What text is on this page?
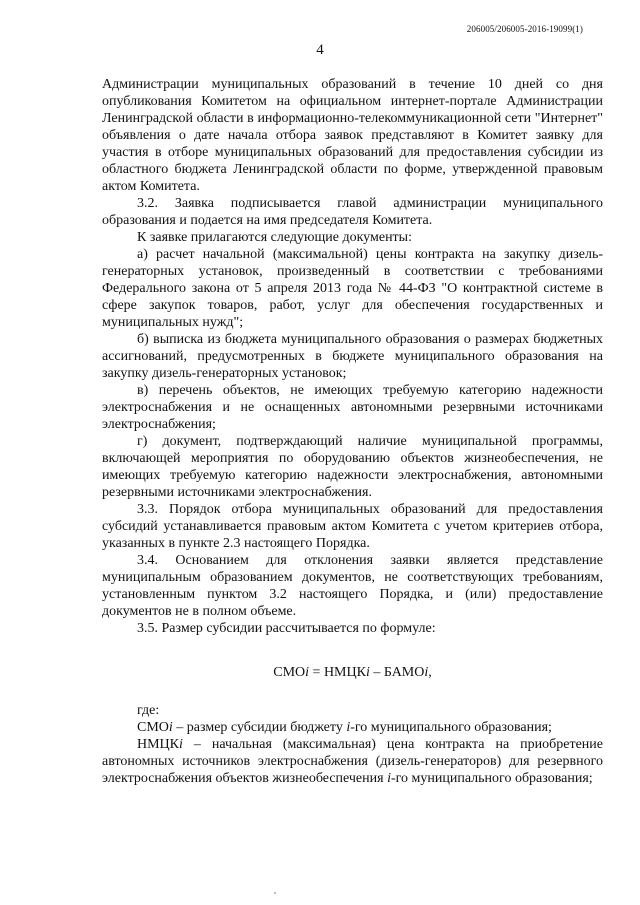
206005/206005-2016-19099(1)
4

Администрации муниципальных образований в течение 10 дней со дня опубликования Комитетом на официальном интернет-портале Администрации Ленинградской области в информационно-телекоммуникационной сети "Интернет" объявления о дате начала отбора заявок представляют в Комитет заявку для участия в отборе муниципальных образований для предоставления субсидии из областного бюджета Ленинградской области по форме, утвержденной правовым актом Комитета.

3.2. Заявка подписывается главой администрации муниципального образования и подается на имя председателя Комитета.

К заявке прилагаются следующие документы:

а) расчет начальной (максимальной) цены контракта на закупку дизель-генераторных установок, произведенный в соответствии с требованиями Федерального закона от 5 апреля 2013 года № 44-ФЗ "О контрактной системе в сфере закупок товаров, работ, услуг для обеспечения государственных и муниципальных нужд";

б) выписка из бюджета муниципального образования о размерах бюджетных ассигнований, предусмотренных в бюджете муниципального образования на закупку дизель-генераторных установок;

в) перечень объектов, не имеющих требуемую категорию надежности электроснабжения и не оснащенных автономными резервными источниками электроснабжения;

г) документ, подтверждающий наличие муниципальной программы, включающей мероприятия по оборудованию объектов жизнеобеспечения, не имеющих требуемую категорию надежности электроснабжения, автономными резервными источниками электроснабжения.

3.3. Порядок отбора муниципальных образований для предоставления субсидий устанавливается правовым актом Комитета с учетом критериев отбора, указанных в пункте 2.3 настоящего Порядка.

3.4. Основанием для отклонения заявки является представление муниципальным образованием документов, не соответствующих требованиям, установленным пунктом 3.2 настоящего Порядка, и (или) предоставление документов не в полном объеме.

3.5. Размер субсидии рассчитывается по формуле:

СМОi = НМЦКi – БАМОi,

где:

СМОi – размер субсидии бюджету i-го муниципального образования;

НМЦКi – начальная (максимальная) цена контракта на приобретение автономных источников электроснабжения (дизель-генераторов) для резервного электроснабжения объектов жизнеобеспечения i-го муниципального образования;
